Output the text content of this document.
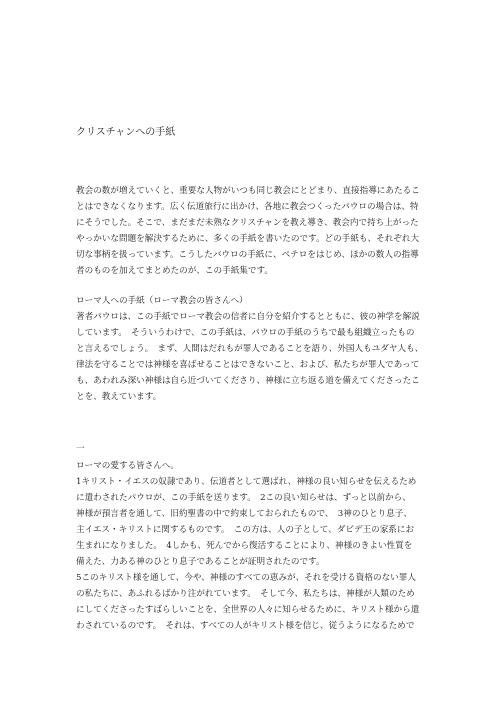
クリスチャンへの手紙
教会の数が増えていくと、重要な人物がいつも同じ教会にとどまり、直接指導にあたるこ
とはできなくなります。広く伝道旅行に出かけ、各地に教会つくったパウロの場合は、特
にそうでした。そこで、まだまだ未熟なクリスチャンを教え導き、教会内で持ち上がった
やっかいな問題を解決するために、多くの手紙を書いたのです。どの手紙も、それぞれ大
切な事柄を扱っています。こうしたパウロの手紙に、ペテロをはじめ、ほかの数人の指導
者のものを加えてまとめたのが、この手紙集です。
ローマ人への手紙（ローマ教会の皆さんへ）
著者パウロは、この手紙でローマ教会の信者に自分を紹介するとともに、彼の神学を解説
しています。　そういうわけで、この手紙は、パウロの手紙のうちで最も組織立ったもの
と言えるでしょう。　まず、人間はだれもが罪人であることを語り、外国人もユダヤ人も、
律法を守ることでは神様を喜ばせることはできないこと、および、私たちが罪人であって
も、あわれみ深い神様は自ら近づいてくださり、神様に立ち返る道を備えてくださったこ
とを、教えています。
一
ローマの愛する皆さんへ。
1キリスト・イエスの奴隷であり、伝道者として選ばれ、神様の良い知らせを伝えるため
に遣わされたパウロが、この手紙を送ります。　2この良い知らせは、ずっと以前から、
神様が預言者を通して、旧約聖書の中で約束しておられたもので、　3神のひとり息子、
主イエス・キリストに関するものです。　この方は、人の子として、ダビデ王の家系にお
生まれになりました。　4しかも、死んでから復活することにより、神様のきよい性質を
備えた、力ある神のひとり息子であることが証明されたのです。
5このキリスト様を通して、今や、神様のすべての恵みが、それを受ける資格のない罪人
の私たちに、あふれるばかり注がれています。　そして今、私たちは、神様が人類のため
にしてくださったすばらしいことを、全世界の人々に知らせるために、キリスト様から遣
わされているのです。　それは、すべての人がキリスト様を信じ、従うようになるためで
